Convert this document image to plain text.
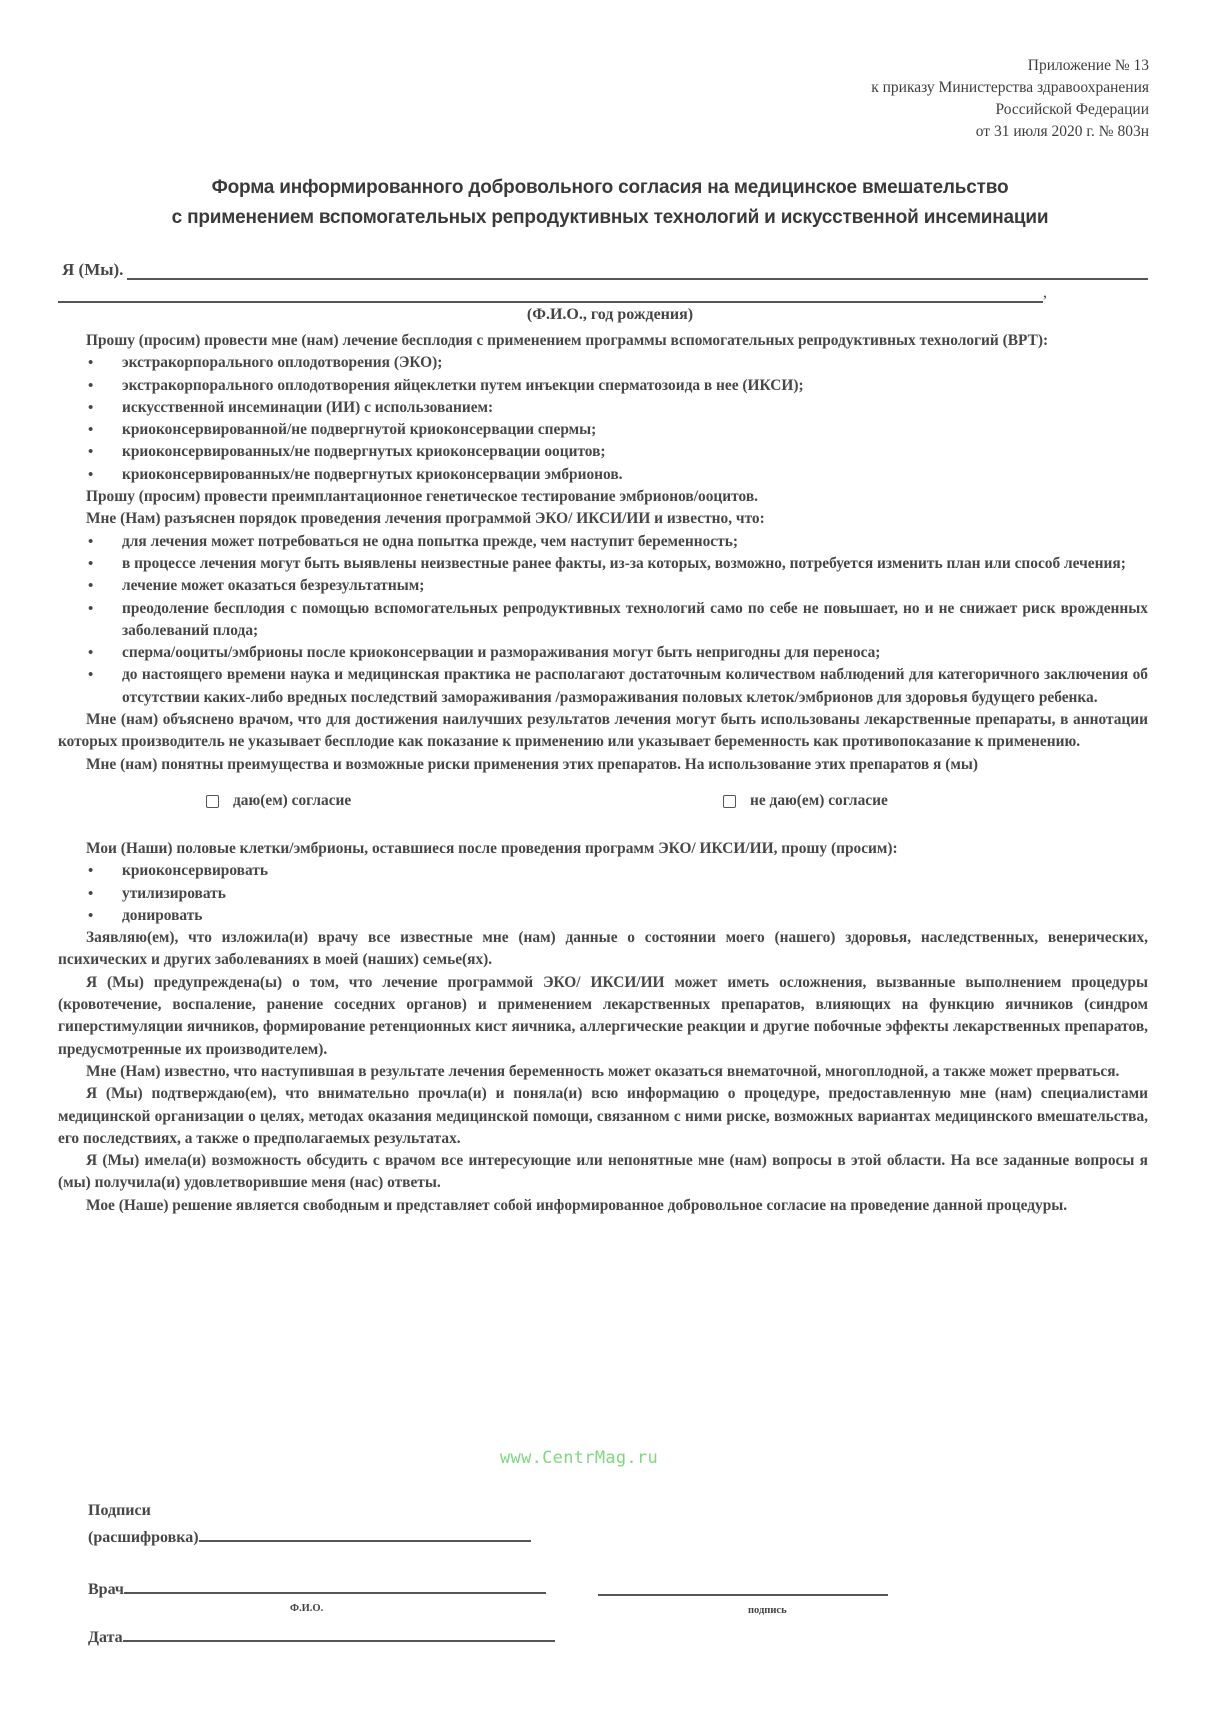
Приложение № 13
к приказу Министерства здравоохранения
Российской Федерации
от 31 июля 2020 г. № 803н
Форма информированного добровольного согласия на медицинское вмешательство
с применением вспомогательных репродуктивных технологий и искусственной инсеминации
Я (Мы).
,
(Ф.И.О., год рождения)

Прошу (просим) провести мне (нам) лечение бесплодия с применением программы вспомогательных репродуктивных технологий (ВРТ):

• экстракорпорального оплодотворения (ЭКО);
• экстракорпорального оплодотворения яйцеклетки путем инъекции сперматозоида в нее (ИКСИ);
• искусственной инсеминации (ИИ) с использованием:
• криоконсервированной/не подвергнутой криоконсервации спермы;
• криоконсервированных/не подвергнутых криоконсервации ооцитов;
• криоконсервированных/не подвергнутых криоконсервации эмбрионов.

Прошу (просим) провести преимплантационное генетическое тестирование эмбрионов/ооцитов.

Мне (Нам) разъяснен порядок проведения лечения программой ЭКО/ ИКСИ/ИИ и известно, что:

• для лечения может потребоваться не одна попытка прежде, чем наступит беременность;
• в процессе лечения могут быть выявлены неизвестные ранее факты, из-за которых, возможно, потребуется изменить план или способ лечения;
• лечение может оказаться безрезультатным;
• преодоление бесплодия с помощью вспомогательных репродуктивных технологий само по себе не повышает, но и не снижает риск врожденных заболеваний плода;
• сперма/ооциты/эмбрионы после криоконсервации и размораживания могут быть непригодны для переноса;
• до настоящего времени наука и медицинская практика не располагают достаточным количеством наблюдений для категоричного заключения об отсутствии каких-либо вредных последствий замораживания /размораживания половых клеток/эмбрионов для здоровья будущего ребенка.

Мне (нам) объяснено врачом, что для достижения наилучших результатов лечения могут быть использованы лекарственные препараты, в аннотации которых производитель не указывает бесплодие как показание к применению или указывает беременность как противопоказание к применению.

Мне (нам) понятны преимущества и возможные риски применения этих препаратов. На использование этих препаратов я (мы)

даю(ем) согласие	не даю(ем) согласие

Мои (Наши) половые клетки/эмбрионы, оставшиеся после проведения программ ЭКО/ ИКСИ/ИИ, прошу (просим):

• криоконсервировать
• утилизировать
• донировать

Заявляю(ем), что изложила(и) врачу все известные мне (нам) данные о состоянии моего (нашего) здоровья, наследственных, венерических, психических и других заболеваниях в моей (наших) семье(ях).

Я (Мы) предупреждена(ы) о том, что лечение программой ЭКО/ ИКСИ/ИИ может иметь осложнения, вызванные выполнением процедуры (кровотечение, воспаление, ранение соседних органов) и применением лекарственных препаратов, влияющих на функцию яичников (синдром гиперстимуляции яичников, формирование ретенционных кист яичника, аллергические реакции и другие побочные эффекты лекарственных препаратов, предусмотренные их производителем).

Мне (Нам) известно, что наступившая в результате лечения беременность может оказаться внематочной, многоплодной, а также может прерваться.

Я (Мы) подтверждаю(ем), что внимательно прочла(и) и поняла(и) всю информацию о процедуре, предоставленную мне (нам) специалистами медицинской организации о целях, методах оказания медицинской помощи, связанном с ними риске, возможных вариантах медицинского вмешательства, его последствиях, а также о предполагаемых результатах.

Я (Мы) имела(и) возможность обсудить с врачом все интересующие или непонятные мне (нам) вопросы в этой области. На все заданные вопросы я (мы) получила(и) удовлетворившие меня (нас) ответы.

Мое (Наше) решение является свободным и представляет собой информированное добровольное согласие на проведение данной процедуры.

www.CentrMag.ru
Подписи
(расшифровка)
Врач
Ф.И.О.	подпись
Дата
